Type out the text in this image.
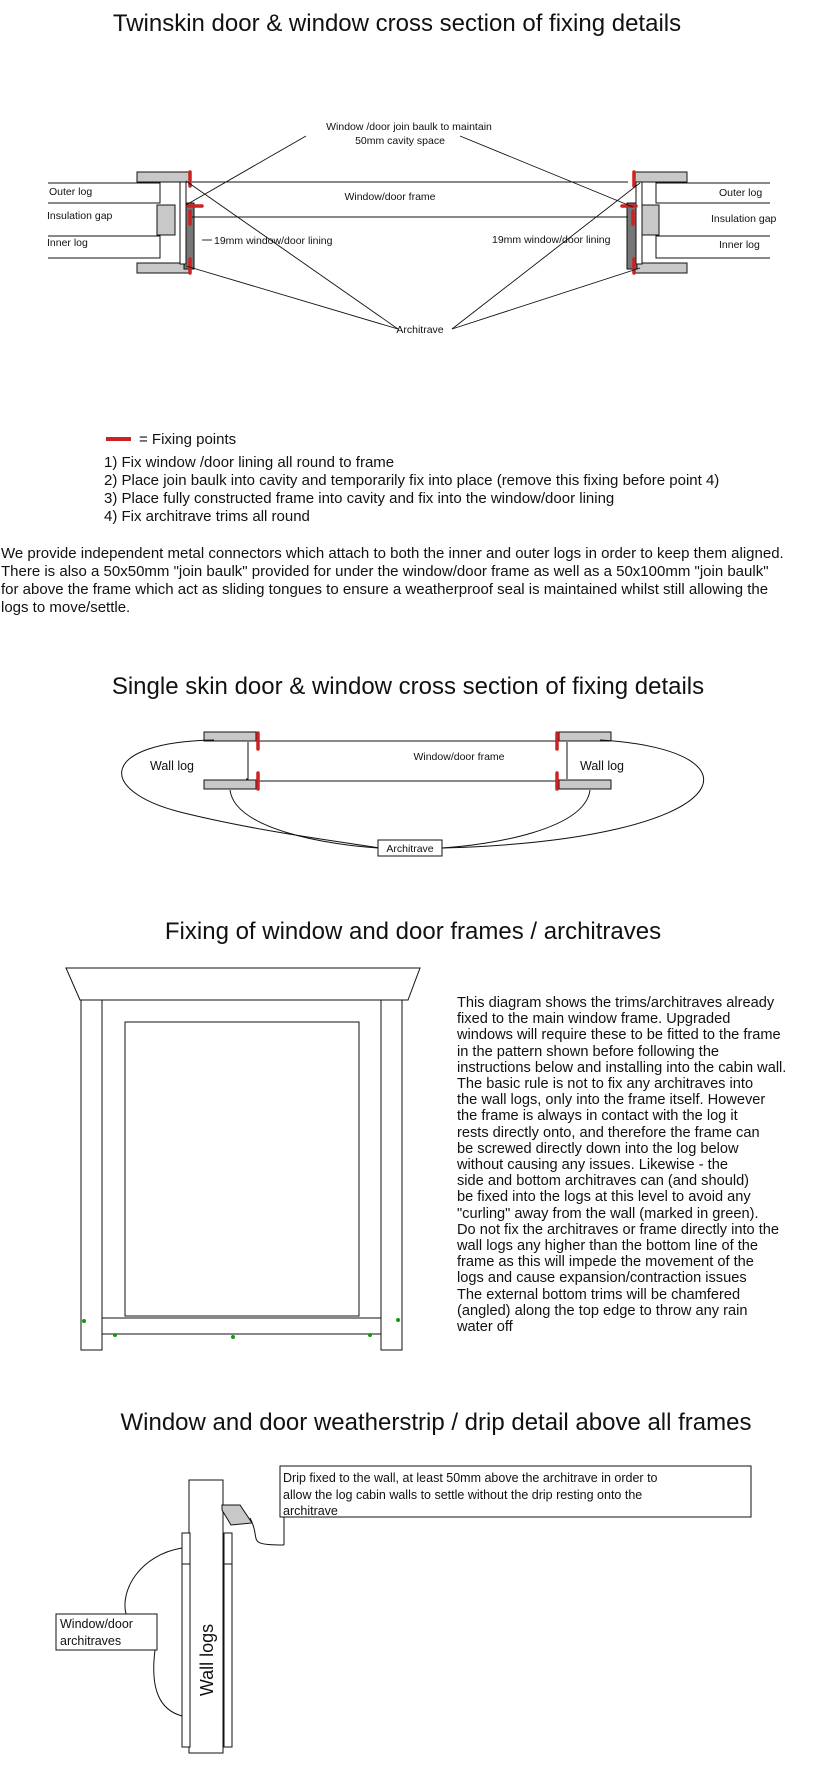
Twinskin door & window cross section of fixing details
Window /door join baulk to maintain
50mm cavity space
Window/door frame
Outer log
Insulation gap
Inner log
Outer log
Insulation gap
Inner log
19mm window/door lining	19mm window/door lining
Architrave
= Fixing points
1) Fix window /door lining all round to frame
2) Place join baulk into cavity and temporarily fix into place (remove this fixing before point 4)
3) Place fully constructed frame into cavity and fix into the window/door lining
4) Fix architrave trims all round
We provide independent metal connectors which attach to both the inner and outer logs in order to keep them aligned.
There is also a 50x50mm "join baulk" provided for under the window/door frame as well as a 50x100mm "join baulk"
for above the frame which act as sliding tongues to ensure a weatherproof seal is maintained whilst still allowing the
logs to move/settle.
Single skin door & window cross section of fixing details
Wall log	Wall log
Window/door frame
Architrave
Fixing of window and door frames / architraves
Window and door weatherstrip / drip detail above all frames
Drip fixed to the wall, at least 50mm above the architrave in order to
allow the log cabin walls to settle without the drip resting onto the
architrave
Window/door
architraves	Wall logs

This diagram shows the trims/architraves already

fixed to the main window frame. Upgraded

windows will require these to be fitted to the frame

in the pattern shown before following the

instructions below and installing into the cabin wall.

The basic rule is not to fix any architraves into

the wall logs, only into the frame itself. However

the frame is always in contact with the log it

rests directly onto, and therefore the frame can

be screwed directly down into the log below

without causing any issues. Likewise - the

side and bottom architraves can (and should)

be fixed into the logs at this level to avoid any

"curling" away from the wall (marked in green).

Do not fix the architraves or frame directly into the

wall logs any higher than the bottom line of the

frame as this will impede the movement of the

logs and cause expansion/contraction issues

The external bottom trims will be chamfered

(angled) along the top edge to throw any rain

water off
